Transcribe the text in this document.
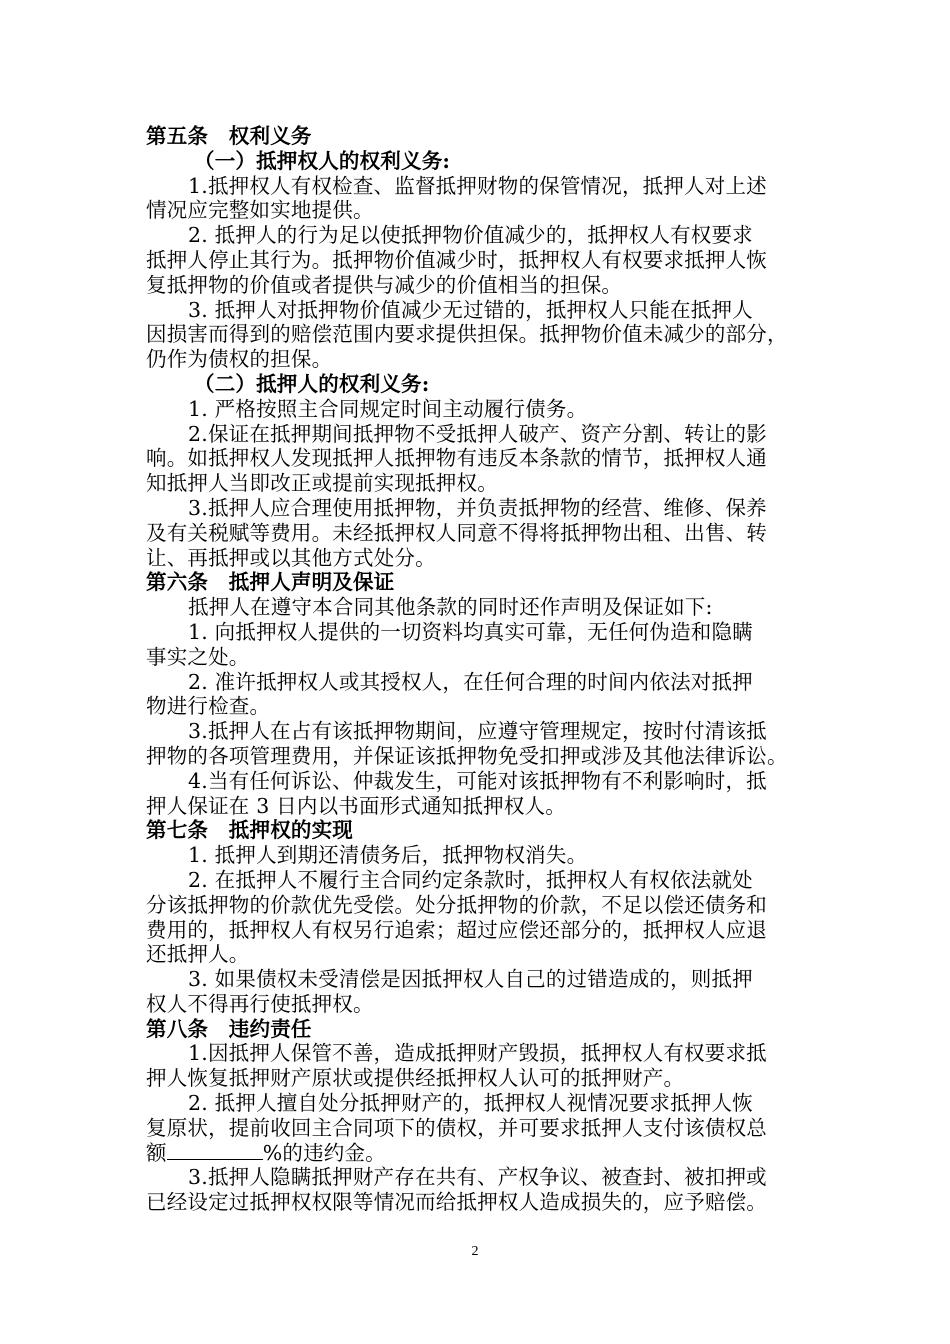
第五条　权利义务
（一）抵押权人的权利义务:
1.抵押权人有权检查、监督抵押财物的保管情况，抵押人对上述
情况应完整如实地提供。
2. 抵押人的行为足以使抵押物价值减少的，抵押权人有权要求
抵押人停止其行为。抵押物价值减少时，抵押权人有权要求抵押人恢
复抵押物的价值或者提供与减少的价值相当的担保。
3. 抵押人对抵押物价值减少无过错的，抵押权人只能在抵押人
因损害而得到的赔偿范围内要求提供担保。抵押物价值未减少的部分，
仍作为债权的担保。
（二）抵押人的权利义务:
1. 严格按照主合同规定时间主动履行债务。
2.保证在抵押期间抵押物不受抵押人破产、资产分割、转让的影
响。如抵押权人发现抵押人抵押物有违反本条款的情节，抵押权人通
知抵押人当即改正或提前实现抵押权。
3.抵押人应合理使用抵押物，并负责抵押物的经营、维修、保养
及有关税赋等费用。未经抵押权人同意不得将抵押物出租、出售、转
让、再抵押或以其他方式处分。
第六条　抵押人声明及保证
抵押人在遵守本合同其他条款的同时还作声明及保证如下:
1. 向抵押权人提供的一切资料均真实可靠，无任何伪造和隐瞒
事实之处。
2. 准许抵押权人或其授权人，在任何合理的时间内依法对抵押
物进行检查。
3.抵押人在占有该抵押物期间，应遵守管理规定，按时付清该抵
押物的各项管理费用，并保证该抵押物免受扣押或涉及其他法律诉讼。
4.当有任何诉讼、仲裁发生，可能对该抵押物有不利影响时，抵
押人保证在 3 日内以书面形式通知抵押权人。
第七条　抵押权的实现
1. 抵押人到期还清债务后，抵押物权消失。
2. 在抵押人不履行主合同约定条款时，抵押权人有权依法就处
分该抵押物的价款优先受偿。处分抵押物的价款，不足以偿还债务和
费用的，抵押权人有权另行追索；超过应偿还部分的，抵押权人应退
还抵押人。
3. 如果债权未受清偿是因抵押权人自己的过错造成的，则抵押
权人不得再行使抵押权。
第八条　违约责任
1.因抵押人保管不善，造成抵押财产毁损，抵押权人有权要求抵
押人恢复抵押财产原状或提供经抵押权人认可的抵押财产。
2. 抵押人擅自处分抵押财产的，抵押权人视情况要求抵押人恢
复原状，提前收回主合同项下的债权，并可要求抵押人支付该债权总
额	%的违约金。
3.抵押人隐瞒抵押财产存在共有、产权争议、被查封、被扣押或
已经设定过抵押权权限等情况而给抵押权人造成损失的，应予赔偿。
2
